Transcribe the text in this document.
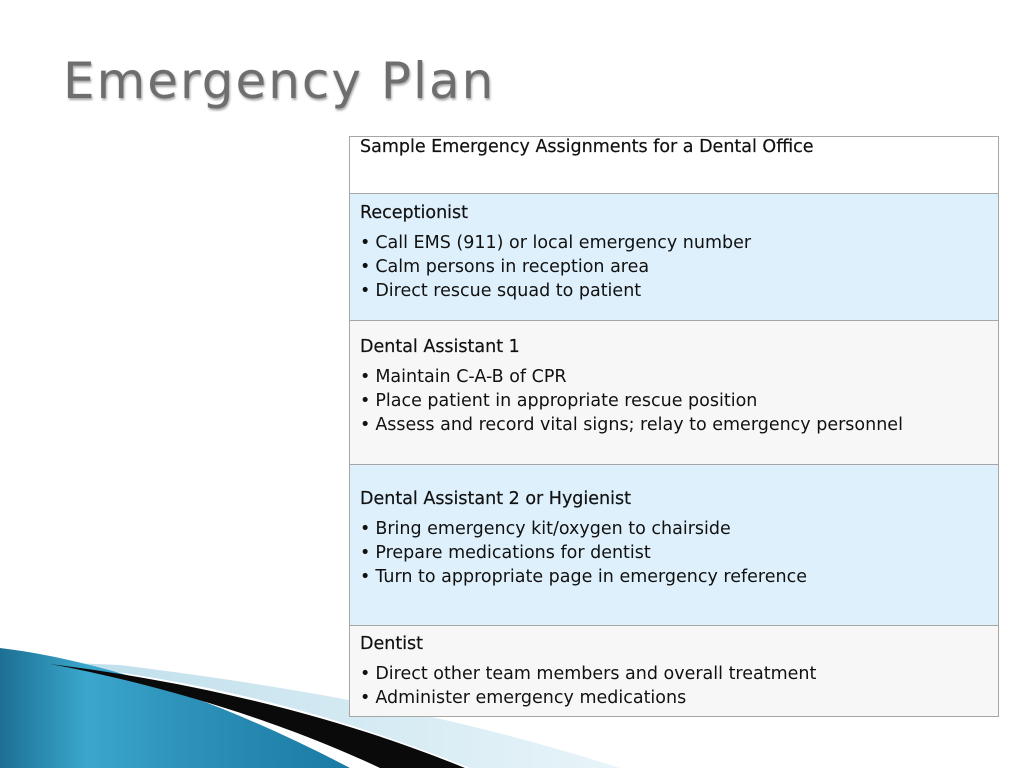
Emergency Plan
Sample Emergency Assignments for a Dental Office

Receptionist
• Call EMS (911) or local emergency number
• Calm persons in reception area
• Direct rescue squad to patient

Dental Assistant 1
• Maintain C-A-B of CPR
• Place patient in appropriate rescue position
• Assess and record vital signs; relay to emergency personnel

Dental Assistant 2 or Hygienist
• Bring emergency kit/oxygen to chairside
• Prepare medications for dentist
• Turn to appropriate page in emergency reference

Dentist
• Direct other team members and overall treatment
• Administer emergency medications
